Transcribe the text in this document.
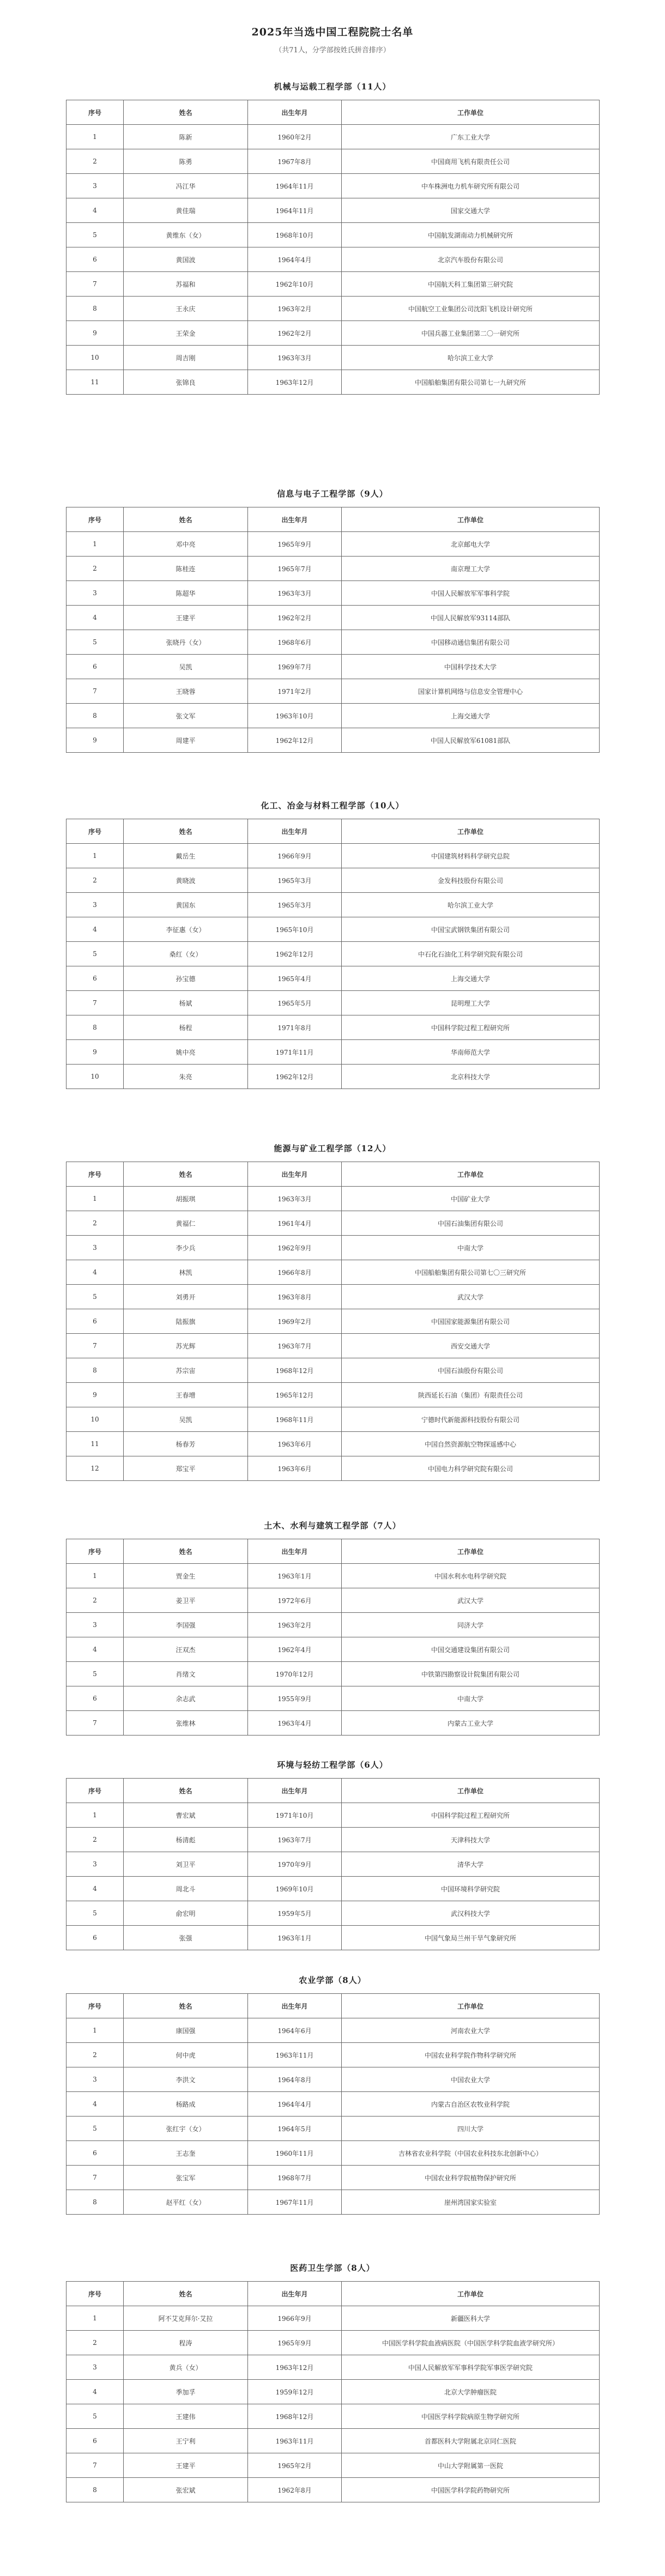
2025年当选中国工程院院士名单
（共71人，分学部按姓氏拼音排序）
机械与运载工程学部（11人）
序号	姓名	出生年月	工作单位
1	陈新	1960年2月	广东工业大学
2	陈勇	1967年8月	中国商用飞机有限责任公司
3	冯江华	1964年11月	中车株洲电力机车研究所有限公司
4	黄佳瑞	1964年11月	国家交通大学
5	黄维东（女）	1968年10月	中国航发湖南动力机械研究所
6	黄国波	1964年4月	北京汽车股份有限公司
7	苏福和	1962年10月	中国航天科工集团第三研究院
8	王永庆	1963年2月	中国航空工业集团公司沈阳飞机设计研究所
9	王荣金	1962年2月	中国兵器工业集团第二〇一研究所
10	周吉刚	1963年3月	哈尔滨工业大学
11	张锦良	1963年12月	中国船舶集团有限公司第七一九研究所
信息与电子工程学部（9人）
序号	姓名	出生年月	工作单位
1	邓中亮	1965年9月	北京邮电大学
2	陈桂连	1965年7月	南京理工大学
3	陈超华	1963年3月	中国人民解放军军事科学院
4	王建平	1962年2月	中国人民解放军93114部队
5	张晓丹（女）	1968年6月	中国移动通信集团有限公司
6	吴凯	1969年7月	中国科学技术大学
7	王晓蓉	1971年2月	国家计算机网络与信息安全管理中心
8	张文军	1963年10月	上海交通大学
9	周建平	1962年12月	中国人民解放军61081部队
化工、冶金与材料工程学部（10人）
序号	姓名	出生年月	工作单位
1	戴岳生	1966年9月	中国建筑材料科学研究总院
2	黄晓波	1965年3月	金发科技股份有限公司
3	黄国东	1965年3月	哈尔滨工业大学
4	李征惠（女）	1965年10月	中国宝武钢铁集团有限公司
5	桑红（女）	1962年12月	中石化石油化工科学研究院有限公司
6	孙宝德	1965年4月	上海交通大学
7	杨斌	1965年5月	昆明理工大学
8	杨程	1971年8月	中国科学院过程工程研究所
9	姚中亮	1971年11月	华南师范大学
10	朱亮	1962年12月	北京科技大学
能源与矿业工程学部（12人）
序号	姓名	出生年月	工作单位
1	胡振琪	1963年3月	中国矿业大学
2	黄福仁	1961年4月	中国石油集团有限公司
3	李少兵	1962年9月	中南大学
4	林凯	1966年8月	中国船舶集团有限公司第七〇三研究所
5	刘勇开	1963年8月	武汉大学
6	陆振旗	1969年2月	中国国家能源集团有限公司
7	苏光辉	1963年7月	西安交通大学
8	苏宗宙	1968年12月	中国石油股份有限公司
9	王春增	1965年12月	陕西延长石油（集团）有限责任公司
10	吴凯	1968年11月	宁德时代新能源科技股份有限公司
11	杨春芳	1963年6月	中国自然资源航空物探遥感中心
12	郑宝平	1963年6月	中国电力科学研究院有限公司
土木、水利与建筑工程学部（7人）
序号	姓名	出生年月	工作单位
1	贾金生	1963年1月	中国水利水电科学研究院
2	姜卫平	1972年6月	武汉大学
3	李国强	1963年2月	同济大学
4	汪双杰	1962年4月	中国交通建设集团有限公司
5	肖绪文	1970年12月	中铁第四勘察设计院集团有限公司
6	余志武	1955年9月	中南大学
7	张维林	1963年4月	内蒙古工业大学
环境与轻纺工程学部（6人）
序号	姓名	出生年月	工作单位
1	曹宏斌	1971年10月	中国科学院过程工程研究所
2	杨清彪	1963年7月	天津科技大学
3	刘卫平	1970年9月	清华大学
4	周北斗	1969年10月	中国环境科学研究院
5	俞宏明	1959年5月	武汉科技大学
6	张强	1963年1月	中国气象局兰州干旱气象研究所
农业学部（8人）
序号	姓名	出生年月	工作单位
1	康国强	1964年6月	河南农业大学
2	何中虎	1963年11月	中国农业科学院作物科学研究所
3	李洪文	1964年8月	中国农业大学
4	杨路成	1964年4月	内蒙古自治区农牧业科学院
5	张红宇（女）	1964年5月	四川大学
6	王志奎	1960年11月	吉林省农业科学院（中国农业科技东北创新中心）
7	张宝军	1968年7月	中国农业科学院植物保护研究所
8	赵平红（女）	1967年11月	崖州湾国家实验室
医药卫生学部（8人）
序号	姓名	出生年月	工作单位
1	阿不艾克拜尔·艾拉	1966年9月	新疆医科大学
2	程涛	1965年9月	中国医学科学院血液病医院（中国医学科学院血液学研究所）
3	黄兵（女）	1963年12月	中国人民解放军军事科学院军事医学研究院
4	季加孚	1959年12月	北京大学肿瘤医院
5	王建伟	1968年12月	中国医学科学院病原生物学研究所
6	王宁利	1963年11月	首都医科大学附属北京同仁医院
7	王建平	1965年2月	中山大学附属第一医院
8	张宏斌	1962年8月	中国医学科学院药物研究所
